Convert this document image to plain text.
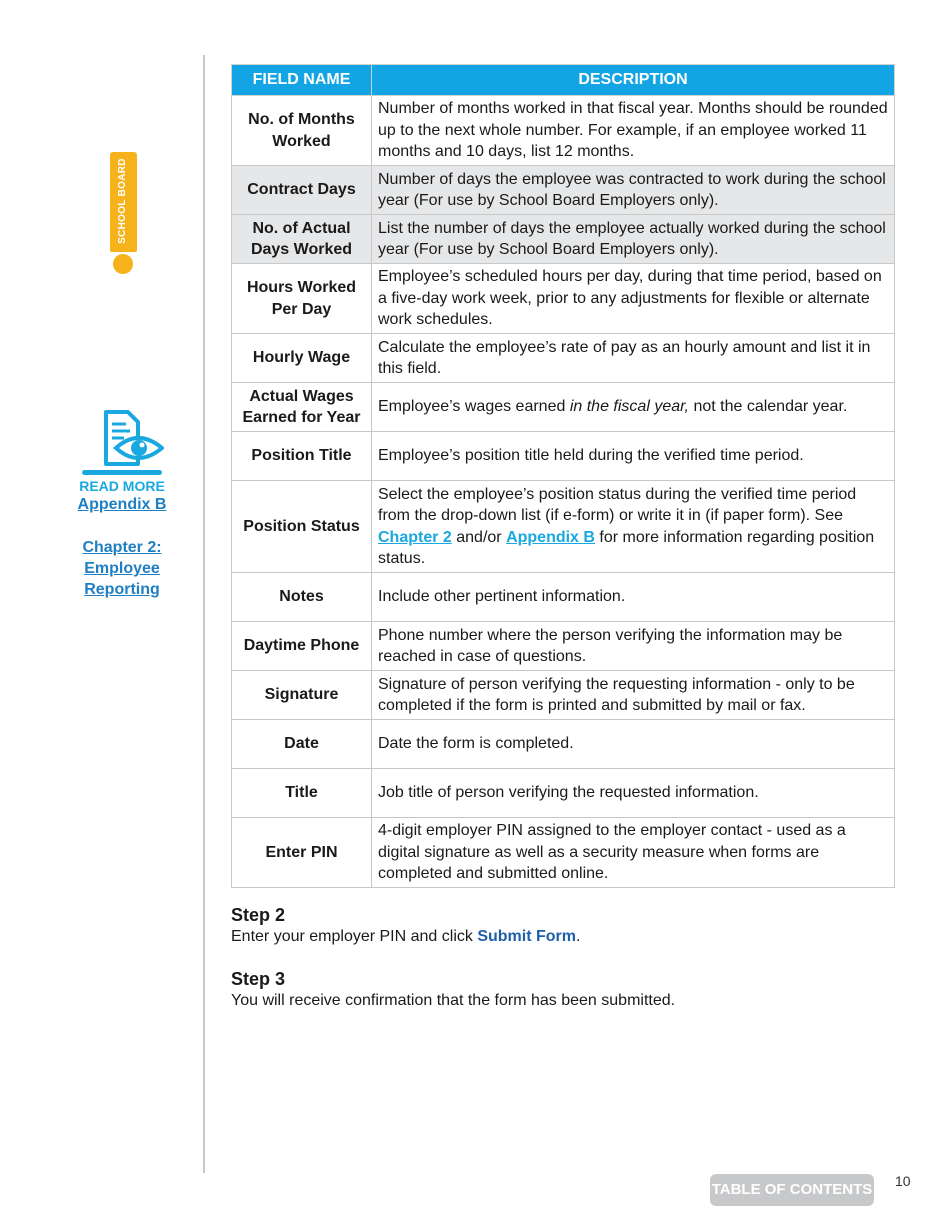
SCHOOL BOARD
READ MORE
Appendix B
Chapter 2:
Employee
Reporting
FIELD NAME	DESCRIPTION
No. of Months
Worked	Number of months worked in that fiscal year. Months should be rounded up to the next whole number. For example, if an employee worked 11 months and 10 days, list 12 months.
Contract Days	Number of days the employee was contracted to work during the school year (For use by School Board Employers only).
No. of Actual
Days Worked	List the number of days the employee actually worked during the school year (For use by School Board Employers only).
Hours Worked
Per Day	Employee’s scheduled hours per day, during that time period, based on a five-day work week, prior to any adjustments for flexible or alternate work schedules.
Hourly Wage	Calculate the employee’s rate of pay as an hourly amount and list it in this field.
Actual Wages
Earned for Year	Employee’s wages earned in the fiscal year, not the calendar year.
Position Title	Employee’s position title held during the verified time period.
Position Status	Select the employee’s position status during the verified time period from the drop-down list (if e-form) or write it in (if paper form). See Chapter 2 and/or Appendix B for more information regarding position status.
Notes	Include other pertinent information.
Daytime Phone	Phone number where the person verifying the information may be reached in case of questions.
Signature	Signature of person verifying the requesting information - only to be completed if the form is printed and submitted by mail or fax.
Date	Date the form is completed.
Title	Job title of person verifying the requested information.
Enter PIN	4-digit employer PIN assigned to the employer contact - used as a digital signature as well as a security measure when forms are completed and submitted online.
Step 2

Enter your employer PIN and click Submit Form.

Step 3

You will receive confirmation that the form has been submitted.

TABLE OF CONTENTS 10
